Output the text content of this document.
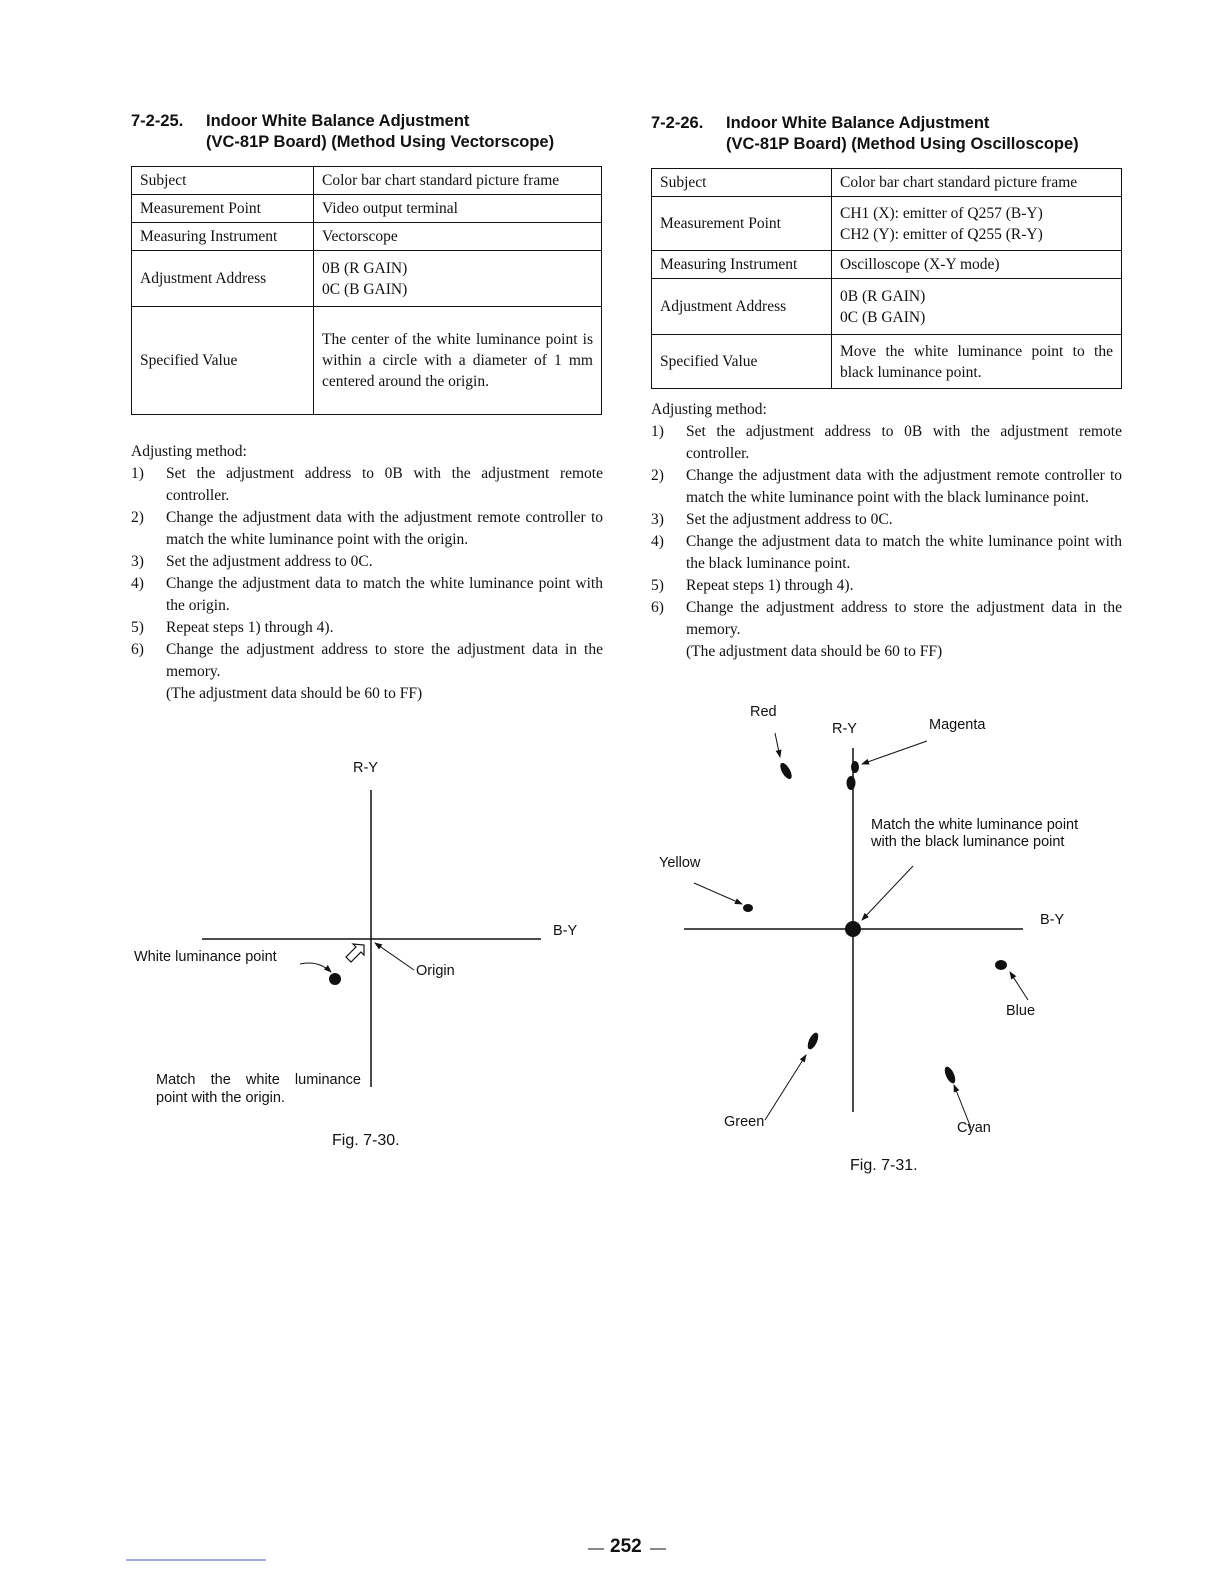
7-2-25. Indoor White Balance Adjustment
(VC-81P Board) (Method Using Vectorscope)
Subject	Color bar chart standard picture frame
Measurement Point	Video output terminal
Measuring Instrument	Vectorscope
Adjustment Address	0B (R GAIN)
0C (B GAIN)

Specified Value	The center of the white luminance point is within a circle with a diameter of 1 mm centered around the origin.
Adjusting method:
1)	Set the adjustment address to 0B with the adjustment remote controller.
2)	Change the adjustment data with the adjustment remote controller to match the white luminance point with the origin.
3)	Set the adjustment address to 0C.
4)	Change the adjustment data to match the white luminance point with the origin.
5)	Repeat steps 1) through 4).
6)	Change the adjustment address to store the adjustment data in the memory.
(The adjustment data should be 60 to FF)
7-2-26. Indoor White Balance Adjustment
(VC-81P Board) (Method Using Oscilloscope)
Subject	Color bar chart standard picture frame
Measurement Point	CH1 (X): emitter of Q257 (B-Y)
CH2 (Y): emitter of Q255 (R-Y)

Measuring Instrument	Oscilloscope (X-Y mode)
Adjustment Address	0B (R GAIN)
0C (B GAIN)

Specified Value	Move the white luminance point to the black luminance point.
Adjusting method:
1)	Set the adjustment address to 0B with the adjustment remote controller.
2)	Change the adjustment data with the adjustment remote controller to match the white luminance point with the black luminance point.
3)	Set the adjustment address to 0C.
4)	Change the adjustment data to match the white luminance point with the black luminance point.
5)	Repeat steps 1) through 4).
6)	Change the adjustment address to store the adjustment data in the memory.
(The adjustment data should be 60 to FF)
R-Y
B-Y
White luminance point
Origin
Match the white luminance point with the origin.
Fig. 7-30.
Red
R-Y	Magenta
Match the white luminance point
with the black luminance point
Yellow
B-Y
Blue
Green	Cyan
Fig. 7-31.
252
